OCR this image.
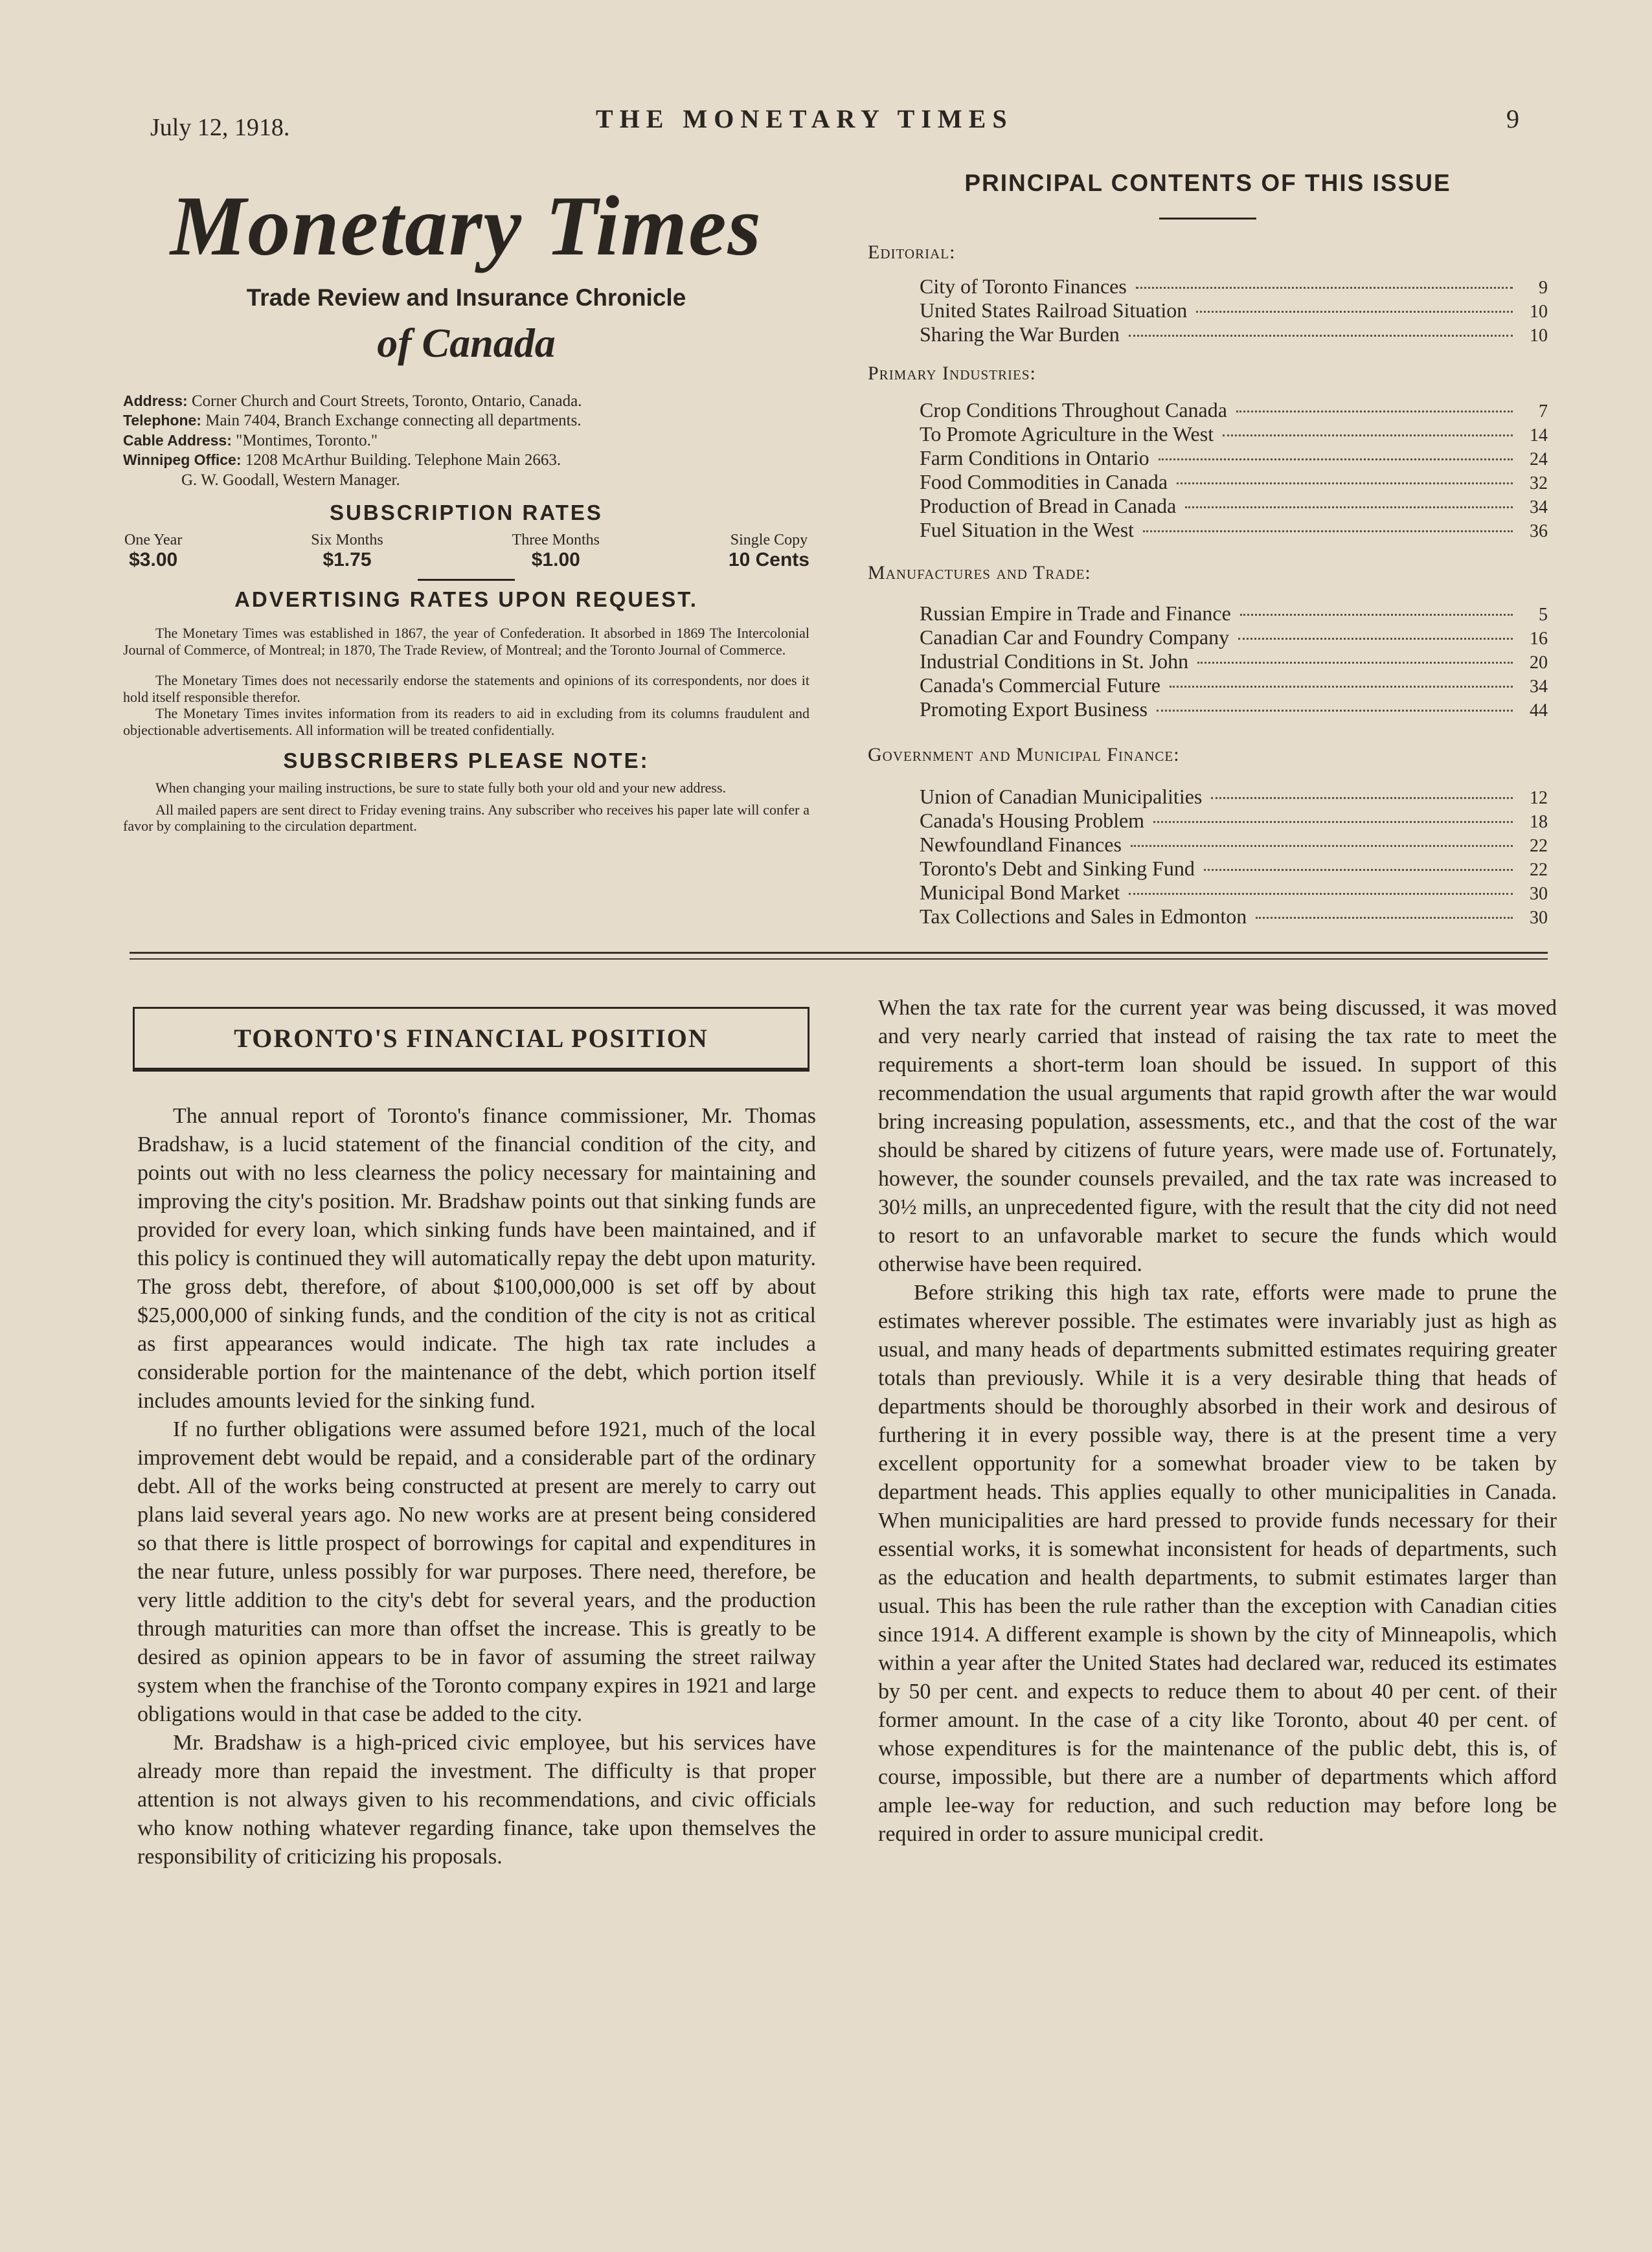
July 12, 1918.	THE MONETARY TIMES	9
Monetary Times
Trade Review and Insurance Chronicle
of Canada
Address: Corner Church and Court Streets, Toronto, Ontario, Canada.
Telephone: Main 7404, Branch Exchange connecting all departments.
Cable Address: "Montimes, Toronto."
Winnipeg Office: 1208 McArthur Building. Telephone Main 2663.
G. W. Goodall, Western Manager.
SUBSCRIPTION RATES
One Year
$3.00
Six Months
$1.75
Three Months
$1.00
Single Copy
10 Cents
ADVERTISING RATES UPON REQUEST.

The Monetary Times was established in 1867, the year of Confederation. It absorbed in 1869 The Intercolonial Journal of Commerce, of Montreal; in 1870, The Trade Review, of Montreal; and the Toronto Journal of Commerce.

The Monetary Times does not necessarily endorse the statements and opinions of its correspondents, nor does it hold itself responsible therefor.

The Monetary Times invites information from its readers to aid in excluding from its columns fraudulent and objectionable advertisements. All information will be treated confidentially.

SUBSCRIBERS PLEASE NOTE:

When changing your mailing instructions, be sure to state fully both your old and your new address.

All mailed papers are sent direct to Friday evening trains. Any subscriber who receives his paper late will confer a favor by complaining to the circulation department.

PRINCIPAL CONTENTS OF THIS ISSUE
Editorial:
City of Toronto Finances	9
United States Railroad Situation	10
Sharing the War Burden	10
Primary Industries:
Crop Conditions Throughout Canada	7
To Promote Agriculture in the West	14
Farm Conditions in Ontario	24
Food Commodities in Canada	32
Production of Bread in Canada	34
Fuel Situation in the West	36
Manufactures and Trade:
Russian Empire in Trade and Finance	5
Canadian Car and Foundry Company	16
Industrial Conditions in St. John	20
Canada's Commercial Future	34
Promoting Export Business	44
Government and Municipal Finance:
Union of Canadian Municipalities	12
Canada's Housing Problem	18
Newfoundland Finances	22
Toronto's Debt and Sinking Fund	22
Municipal Bond Market	30
Tax Collections and Sales in Edmonton	30
TORONTO'S FINANCIAL POSITION

The annual report of Toronto's finance commissioner, Mr. Thomas Bradshaw, is a lucid statement of the financial condition of the city, and points out with no less clearness the policy necessary for maintaining and improving the city's position. Mr. Bradshaw points out that sinking funds are provided for every loan, which sinking funds have been maintained, and if this policy is continued they will automatically repay the debt upon maturity. The gross debt, therefore, of about $100,000,000 is set off by about $25,000,000 of sinking funds, and the condition of the city is not as critical as first appearances would indicate. The high tax rate includes a considerable portion for the maintenance of the debt, which portion itself includes amounts levied for the sinking fund.

If no further obligations were assumed before 1921, much of the local improvement debt would be repaid, and a considerable part of the ordinary debt. All of the works being constructed at present are merely to carry out plans laid several years ago. No new works are at present being considered so that there is little prospect of borrowings for capital and expenditures in the near future, unless possibly for war purposes. There need, therefore, be very little addition to the city's debt for several years, and the production through maturities can more than offset the increase. This is greatly to be desired as opinion appears to be in favor of assuming the street railway system when the franchise of the Toronto company expires in 1921 and large obligations would in that case be added to the city.

Mr. Bradshaw is a high-priced civic employee, but his services have already more than repaid the investment. The difficulty is that proper attention is not always given to his recommendations, and civic officials who know nothing whatever regarding finance, take upon themselves the responsibility of criticizing his proposals.

When the tax rate for the current year was being discussed, it was moved and very nearly carried that instead of raising the tax rate to meet the requirements a short-term loan should be issued. In support of this recommendation the usual arguments that rapid growth after the war would bring increasing population, assessments, etc., and that the cost of the war should be shared by citizens of future years, were made use of. Fortunately, however, the sounder counsels prevailed, and the tax rate was increased to 30½ mills, an unprecedented figure, with the result that the city did not need to resort to an unfavorable market to secure the funds which would otherwise have been required.

Before striking this high tax rate, efforts were made to prune the estimates wherever possible. The estimates were invariably just as high as usual, and many heads of departments submitted estimates requiring greater totals than previously. While it is a very desirable thing that heads of departments should be thoroughly absorbed in their work and desirous of furthering it in every possible way, there is at the present time a very excellent opportunity for a somewhat broader view to be taken by department heads. This applies equally to other municipalities in Canada. When municipalities are hard pressed to provide funds necessary for their essential works, it is somewhat inconsistent for heads of departments, such as the education and health departments, to submit estimates larger than usual. This has been the rule rather than the exception with Canadian cities since 1914. A different example is shown by the city of Minneapolis, which within a year after the United States had declared war, reduced its estimates by 50 per cent. and expects to reduce them to about 40 per cent. of their former amount. In the case of a city like Toronto, about 40 per cent. of whose expenditures is for the maintenance of the public debt, this is, of course, impossible, but there are a number of departments which afford ample lee-way for reduction, and such reduction may before long be required in order to assure municipal credit.
